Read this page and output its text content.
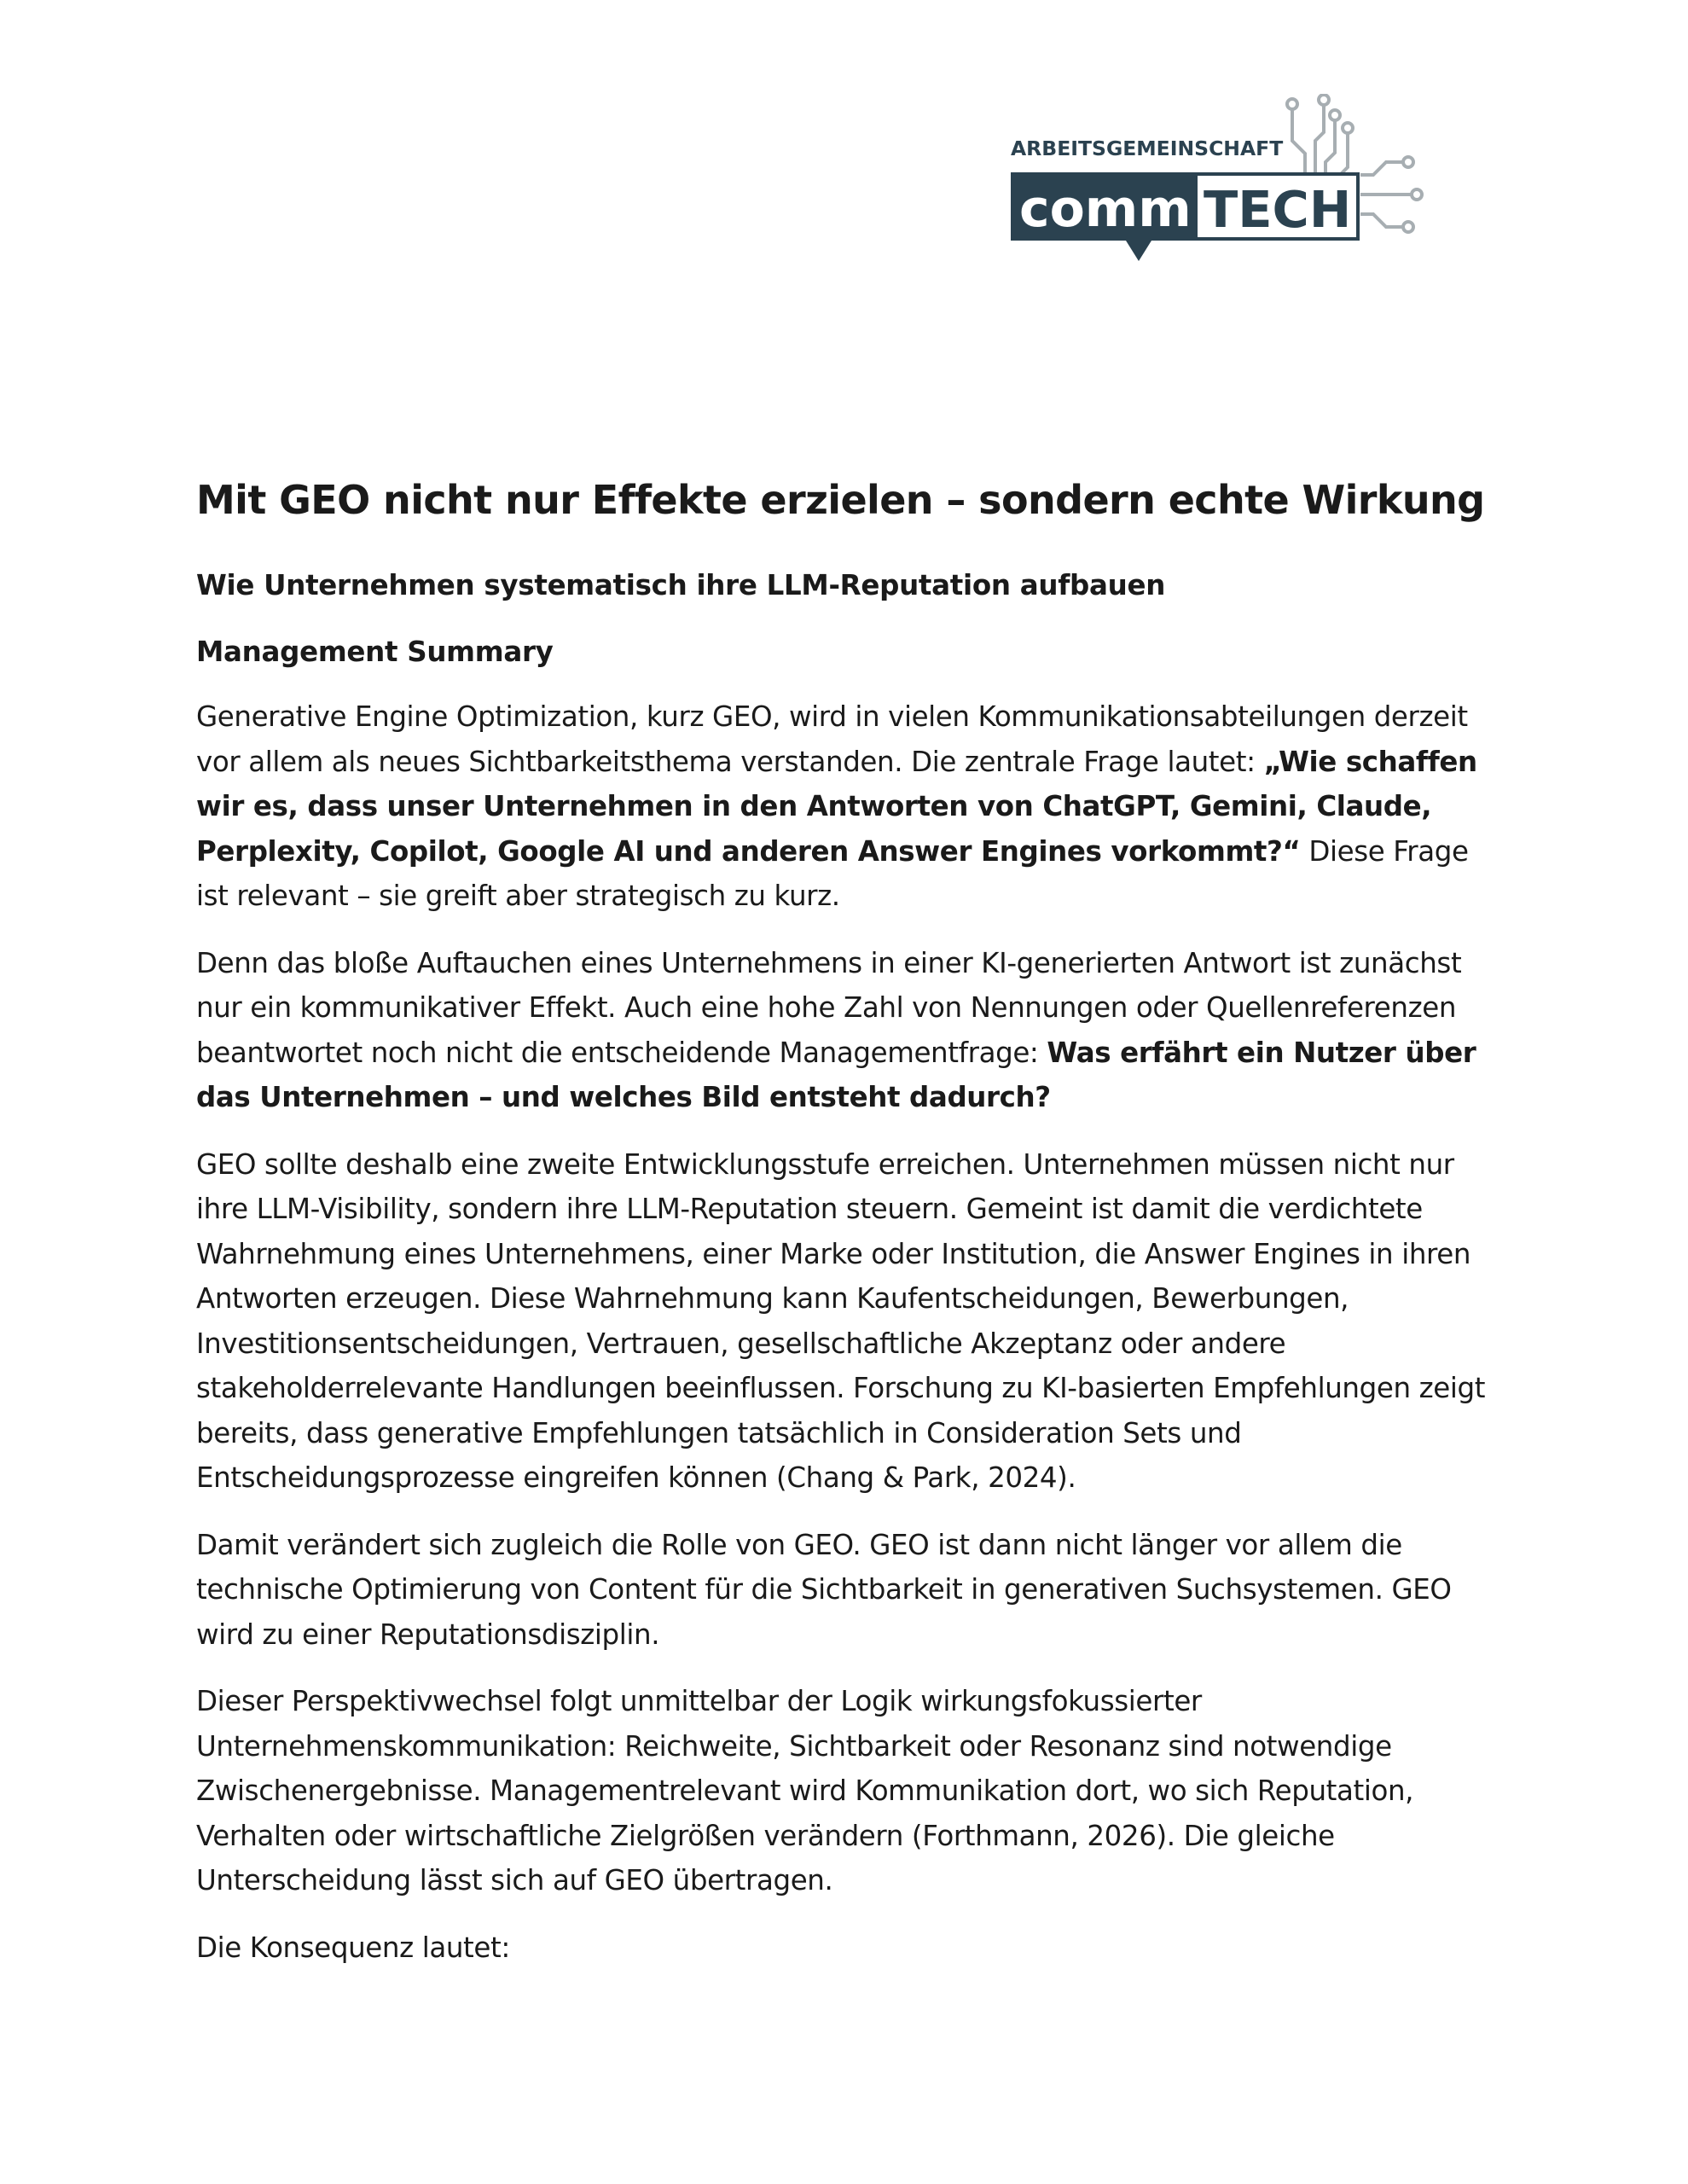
ARBEITSGEMEINSCHAFT
comm TECH
Mit GEO nicht nur Effekte erzielen – sondern echte Wirkung
Wie Unternehmen systematisch ihre LLM-Reputation aufbauen
Management Summary

Generative Engine Optimization, kurz GEO, wird in vielen Kommunikationsabteilungen derzeit vor allem als neues Sichtbarkeitsthema verstanden. Die zentrale Frage lautet: „Wie schaffen wir es, dass unser Unternehmen in den Antworten von ChatGPT, Gemini, Claude, Perplexity, Copilot, Google AI und anderen Answer Engines vorkommt?“ Diese Frage ist relevant – sie greift aber strategisch zu kurz.

Denn das bloße Auftauchen eines Unternehmens in einer KI-generierten Antwort ist zunächst nur ein kommunikativer Effekt. Auch eine hohe Zahl von Nennungen oder Quellenreferenzen beantwortet noch nicht die entscheidende Managementfrage: Was erfährt ein Nutzer über das Unternehmen – und welches Bild entsteht dadurch?

GEO sollte deshalb eine zweite Entwicklungsstufe erreichen. Unternehmen müssen nicht nur ihre LLM-Visibility, sondern ihre LLM-Reputation steuern. Gemeint ist damit die verdichtete Wahrnehmung eines Unternehmens, einer Marke oder Institution, die Answer Engines in ihren Antworten erzeugen. Diese Wahrnehmung kann Kaufentscheidungen, Bewerbungen, Investitionsentscheidungen, Vertrauen, gesellschaftliche Akzeptanz oder andere stakeholderrelevante Handlungen beeinflussen. Forschung zu KI-basierten Empfehlungen zeigt bereits, dass generative Empfehlungen tatsächlich in Consideration Sets und Entscheidungsprozesse eingreifen können (Chang & Park, 2024).

Damit verändert sich zugleich die Rolle von GEO. GEO ist dann nicht länger vor allem die technische Optimierung von Content für die Sichtbarkeit in generativen Suchsystemen. GEO wird zu einer Reputationsdisziplin.

Dieser Perspektivwechsel folgt unmittelbar der Logik wirkungsfokussierter Unternehmenskommunikation: Reichweite, Sichtbarkeit oder Resonanz sind notwendige Zwischenergebnisse. Managementrelevant wird Kommunikation dort, wo sich Reputation, Verhalten oder wirtschaftliche Zielgrößen verändern (Forthmann, 2026). Die gleiche Unterscheidung lässt sich auf GEO übertragen.

Die Konsequenz lautet:
